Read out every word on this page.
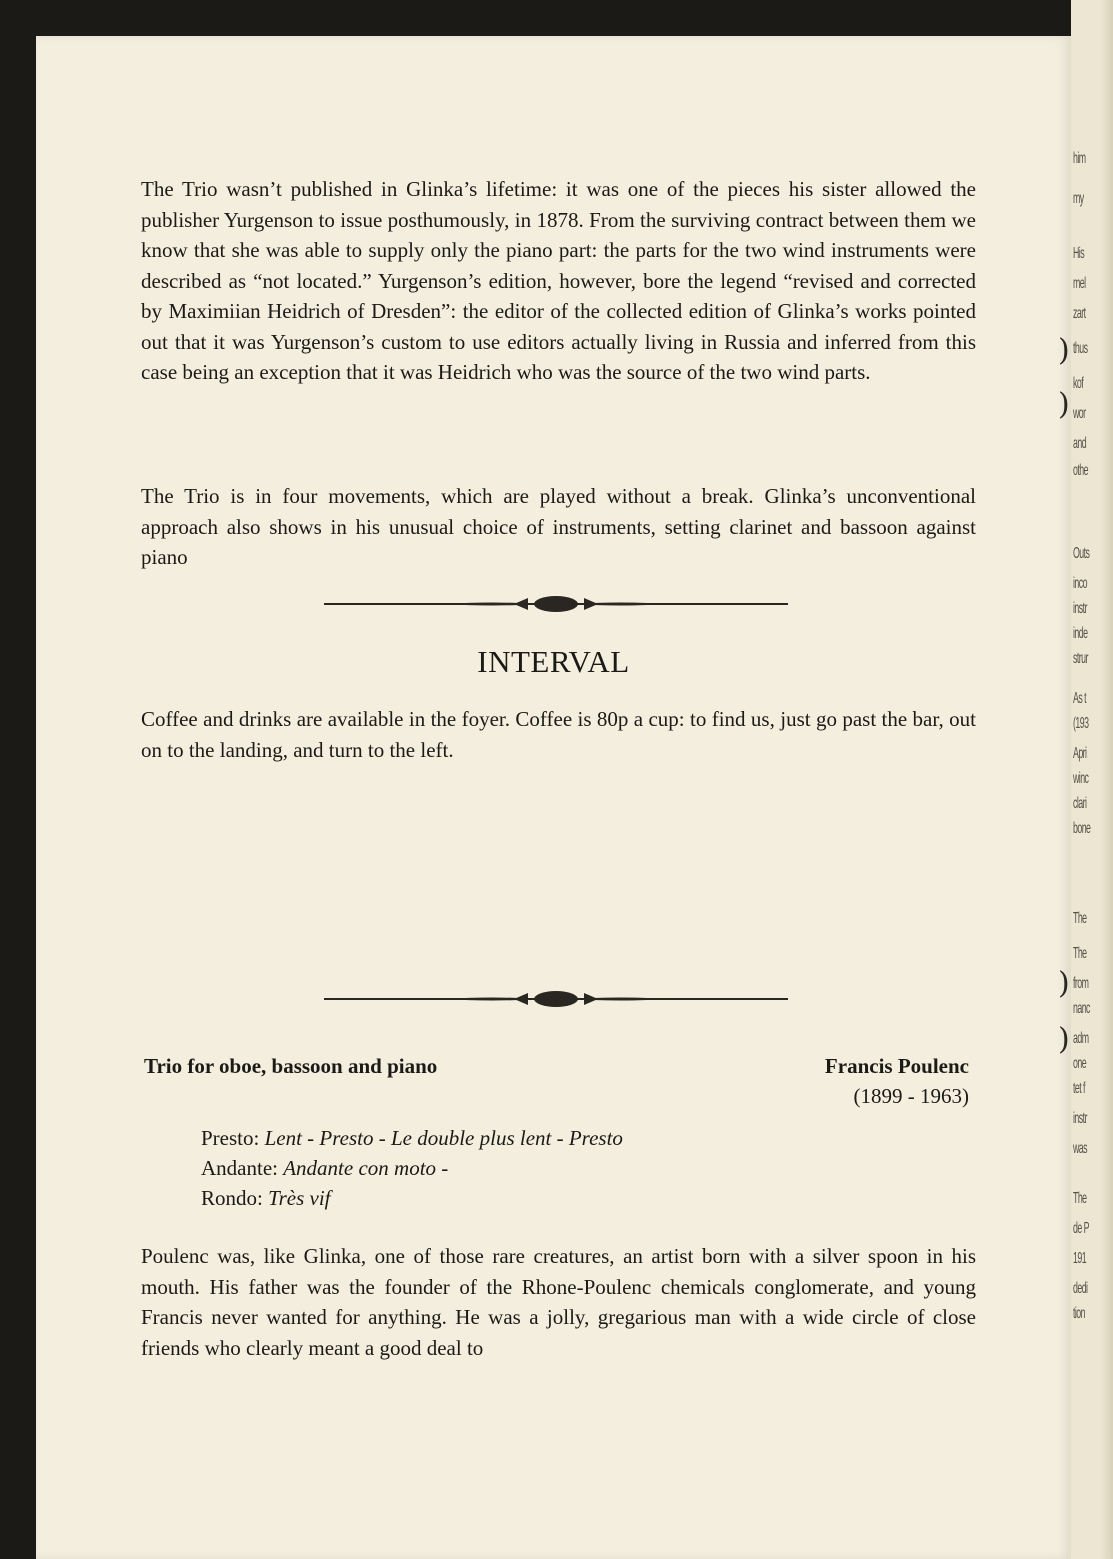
him
my
His
mel
zart
thus
kof
wor
and
othe
Outs
inco
instr
inde
strur
As t
(193
Apri
winc
clari
bone
The
The
from
nanc
adm
one
tet f
instr
was
The
de P
191
dedi
tion

The Trio wasn’t published in Glinka’s lifetime: it was one of the pieces his sister allowed the publisher Yurgenson to issue posthumously, in 1878. From the surviving contract between them we know that she was able to supply only the piano part: the parts for the two wind instruments were described as “not located.” Yurgenson’s edition, however, bore the legend “revised and corrected by Maximiian Heidrich of Dresden”: the editor of the collected edition of Glinka’s works pointed out that it was Yurgenson’s custom to use editors actually living in Russia and inferred from this case being an exception that it was Heidrich who was the source of the two wind parts.

The Trio is in four movements, which are played without a break. Glinka’s unconventional approach also shows in his unusual choice of instruments, setting clarinet and bassoon against piano

INTERVAL

Coffee and drinks are available in the foyer. Coffee is 80p a cup: to find us, just go past the bar, out on to the landing, and turn to the left.

Trio for oboe, bassoon and piano	Francis Poulenc
(1899 - 1963)
Presto: Lent - Presto - Le double plus lent - Presto
Andante: Andante con moto -
Rondo: Très vif

Poulenc was, like Glinka, one of those rare creatures, an artist born with a silver spoon in his mouth. His father was the founder of the Rhone-Poulenc chemicals conglomerate, and young Francis never wanted for anything. He was a jolly, gregarious man with a wide circle of close friends who clearly meant a good deal to

)
)
)
)
